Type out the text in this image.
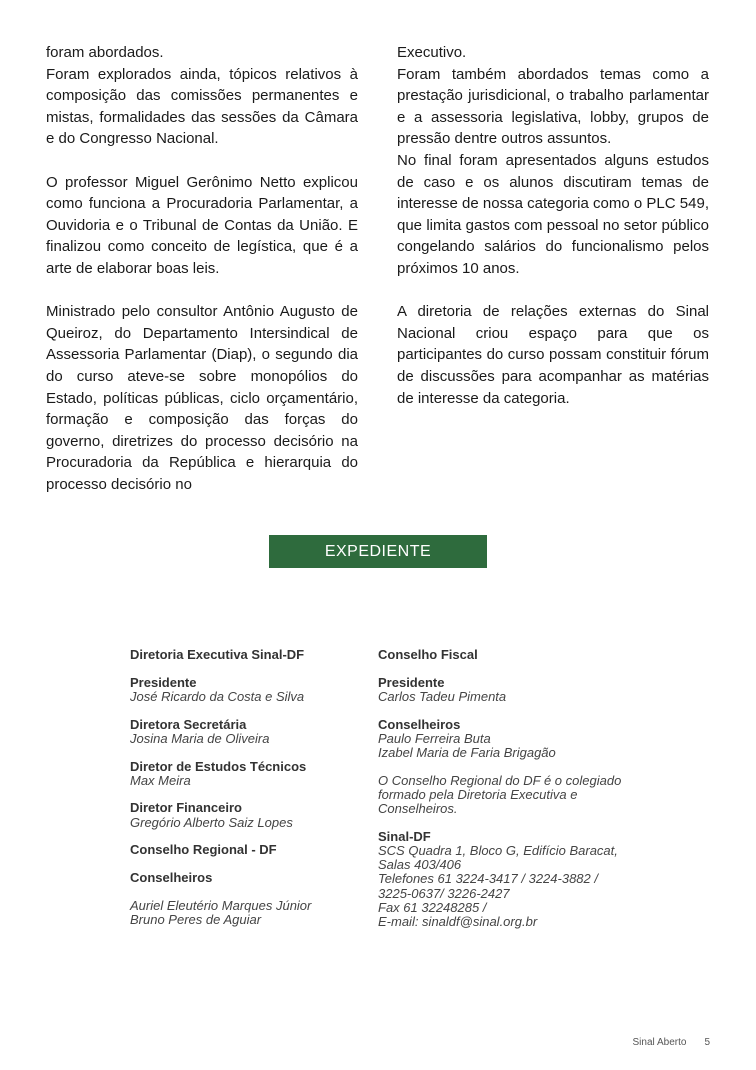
foram abordados.

Foram explorados ainda, tópicos relativos à composição das comissões permanentes e mistas, formalidades das sessões da Câmara e do Congresso Nacional.

O professor Miguel Gerônimo Netto explicou como funciona a Procuradoria Parlamentar, a Ouvidoria e o Tribunal de Contas da União. E finalizou como conceito de legística, que é a arte de elaborar boas leis.

Ministrado pelo consultor Antônio Augusto de Queiroz, do Departamento Intersindical de Assessoria Parlamentar (Diap), o segundo dia do curso ateve-se sobre monopólios do Estado, políticas públicas, ciclo orçamentário, formação e composição das forças do governo, diretrizes do processo decisório na Procuradoria da República e hierarquia do processo decisório no

Executivo.

Foram também abordados temas como a prestação jurisdicional, o trabalho parlamentar e a assessoria legislativa, lobby, grupos de pressão dentre outros assuntos.

No final foram apresentados alguns estudos de caso e os alunos discutiram temas de interesse de nossa categoria como o PLC 549, que limita gastos com pessoal no setor público congelando salários do funcionalismo pelos próximos 10 anos.

A diretoria de relações externas do Sinal Nacional criou espaço para que os participantes do curso possam constituir fórum de discussões para acompanhar as matérias de interesse da categoria.

EXPEDIENTE
Diretoria Executiva Sinal-DF
Presidente
José Ricardo da Costa e Silva
Diretora Secretária
Josina Maria de Oliveira
Diretor de Estudos Técnicos
Max Meira
Diretor Financeiro
Gregório Alberto Saiz Lopes
Conselho Regional - DF
Conselheiros
Auriel Eleutério Marques Júnior
Bruno Peres de Aguiar
Conselho Fiscal
Presidente
Carlos Tadeu Pimenta
Conselheiros
Paulo Ferreira Buta
Izabel Maria de Faria Brigagão
O Conselho Regional do DF é o colegiado
formado pela Diretoria Executiva e
Conselheiros.
Sinal-DF
SCS Quadra 1, Bloco G, Edifício Baracat,
Salas 403/406
Telefones 61 3224-3417 / 3224-3882 /
3225-0637/ 3226-2427
Fax 61 32248285 /
E-mail: sinaldf@sinal.org.br
Sinal Aberto 5
